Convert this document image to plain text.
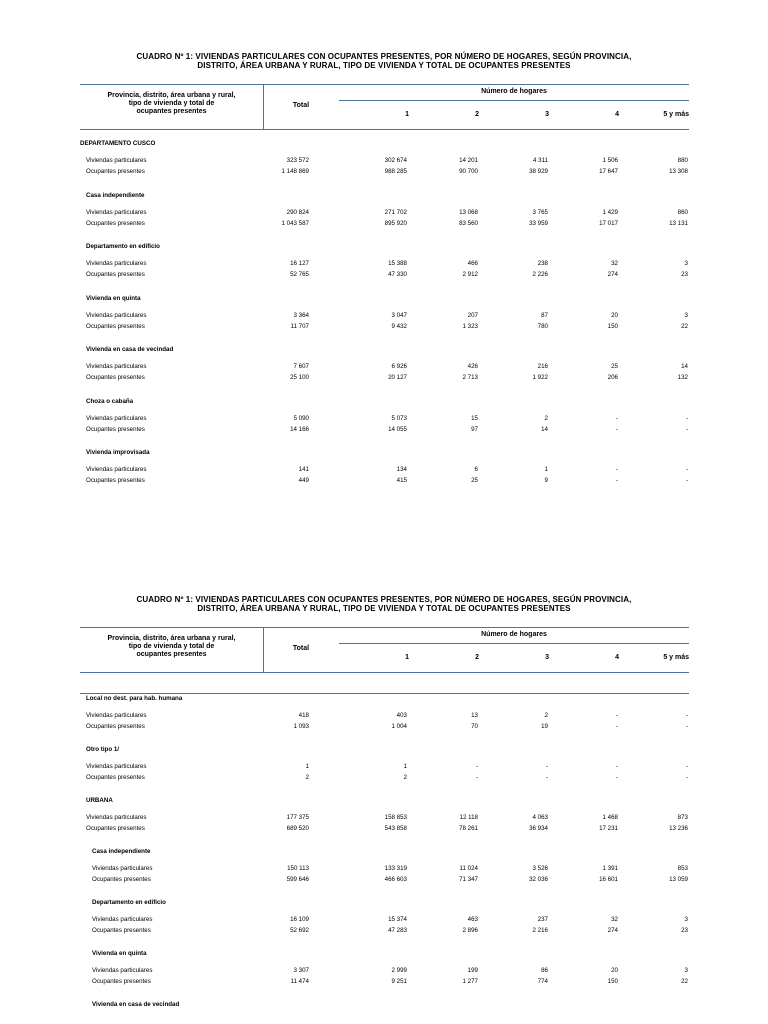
CUADRO Nº 1: VIVIENDAS PARTICULARES CON OCUPANTES PRESENTES, POR NÚMERO DE HOGARES, SEGÚN PROVINCIA,
DISTRITO, ÁREA URBANA Y RURAL, TIPO DE VIVIENDA Y TOTAL DE OCUPANTES PRESENTES
Provincia, distrito, área urbana y rural,
tipo de vivienda y total de
ocupantes presentes
Total
Número de hogares
1	2	3	4	5 y más
DEPARTAMENTO CUSCO
Viviendas particulares	323 572	302 674	14 201	4 311	1 506	880
Ocupantes presentes	1 148 869	988 285	90 700	38 929	17 647	13 308
Casa independiente
Viviendas particulares	290 824	271 702	13 068	3 765	1 429	860
Ocupantes presentes	1 043 587	895 920	83 560	33 959	17 017	13 131
Departamento en edificio
Viviendas particulares	16 127	15 388	466	238	32	3
Ocupantes presentes	52 765	47 330	2 912	2 226	274	23
Vivienda en quinta
Viviendas particulares	3 364	3 047	207	87	20	3
Ocupantes presentes	11 707	9 432	1 323	780	150	22
Vivienda en casa de vecindad
Viviendas particulares	7 607	6 926	426	216	25	14
Ocupantes presentes	25 100	20 127	2 713	1 922	206	132
Choza o cabaña
Viviendas particulares	5 090	5 073	15	2	-	-
Ocupantes presentes	14 166	14 055	97	14	-	-
Vivienda improvisada
Viviendas particulares	141	134	6	1	-	-
Ocupantes presentes	449	415	25	9	-	-
CUADRO Nº 1: VIVIENDAS PARTICULARES CON OCUPANTES PRESENTES, POR NÚMERO DE HOGARES, SEGÚN PROVINCIA,
DISTRITO, ÁREA URBANA Y RURAL, TIPO DE VIVIENDA Y TOTAL DE OCUPANTES PRESENTES
Provincia, distrito, área urbana y rural,
tipo de vivienda y total de
ocupantes presentes
Total
Número de hogares
1	2	3	4	5 y más
Local no dest. para hab. humana
Viviendas particulares	418	403	13	2	-	-
Ocupantes presentes	1 093	1 004	70	19	-	-
Otro tipo 1/
Viviendas particulares	1	1	-	-	-	-
Ocupantes presentes	2	2	-	-	-	-
URBANA
Viviendas particulares	177 375	158 853	12 118	4 063	1 468	873
Ocupantes presentes	689 520	543 858	78 261	36 934	17 231	13 236
Casa independiente
Viviendas particulares	150 113	133 319	11 024	3 526	1 391	853
Ocupantes presentes	599 646	466 603	71 347	32 036	16 601	13 059
Departamento en edificio
Viviendas particulares	16 109	15 374	463	237	32	3
Ocupantes presentes	52 692	47 283	2 896	2 216	274	23
Vivienda en quinta
Viviendas particulares	3 307	2 999	199	86	20	3
Ocupantes presentes	11 474	9 251	1 277	774	150	22
Vivienda en casa de vecindad
